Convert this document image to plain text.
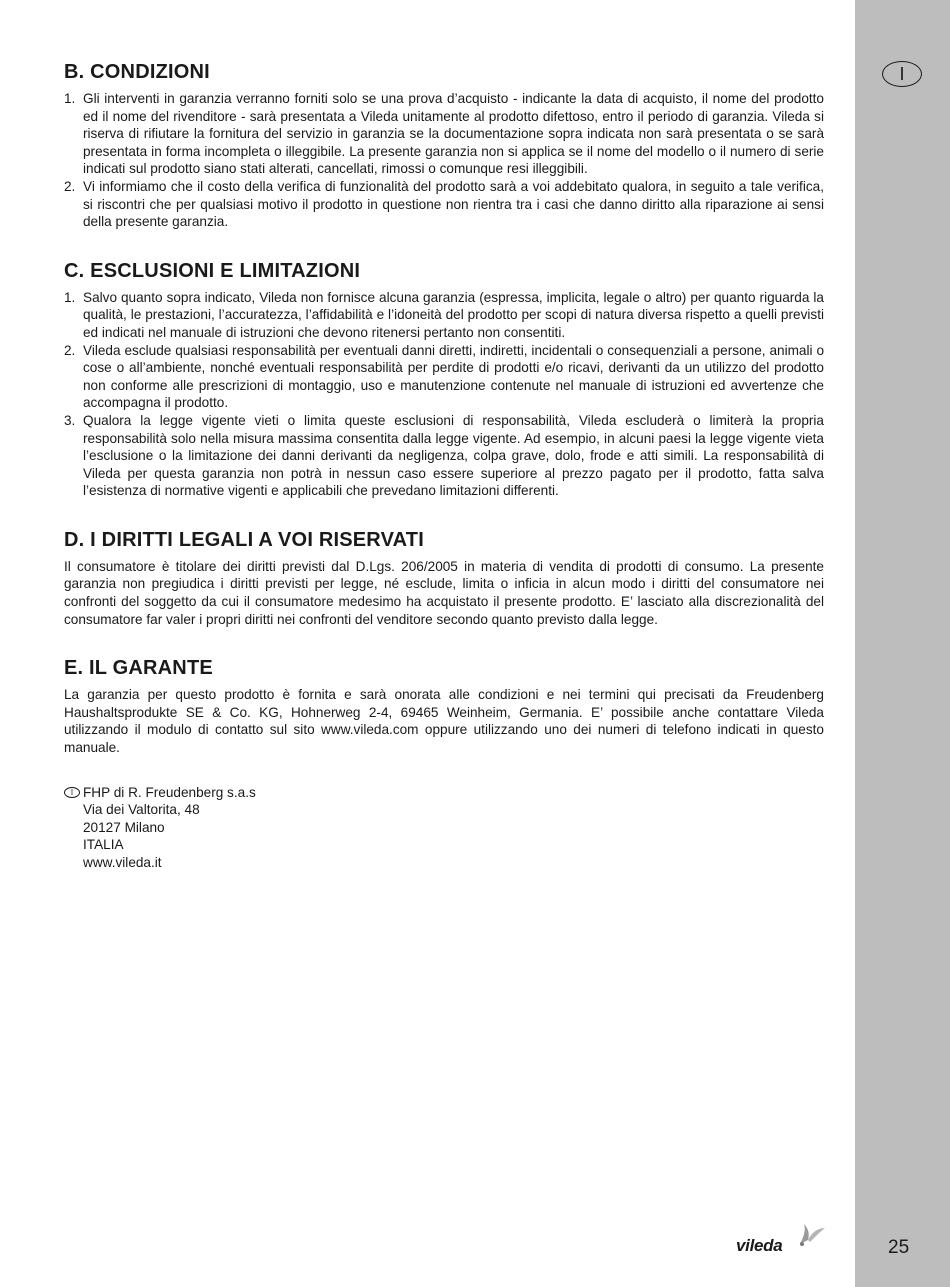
I
25
B. CONDIZIONI
1. Gli interventi in garanzia verranno forniti solo se una prova d’acquisto - indicante la data di acquisto, il nome del prodotto ed il nome del rivenditore - sarà presentata a Vileda unitamente al prodotto difettoso, entro il periodo di garanzia. Vileda si riserva di rifiutare la fornitura del servizio in garanzia se la documentazione sopra indicata non sarà presentata o se sarà presentata in forma incompleta o illeggibile. La presente garanzia non si applica se il nome del modello o il numero di serie indicati sul prodotto siano stati alterati, cancellati, rimossi o comunque resi illeggibili.
2. Vi informiamo che il costo della verifica di funzionalità del prodotto sarà a voi addebitato qualora, in seguito a tale verifica, si riscontri che per qualsiasi motivo il prodotto in questione non rientra tra i casi che danno diritto alla riparazione ai sensi della presente garanzia.
C. ESCLUSIONI E LIMITAZIONI
1. Salvo quanto sopra indicato, Vileda non fornisce alcuna garanzia (espressa, implicita, legale o altro) per quanto riguarda la qualità, le prestazioni, l’accuratezza, l’affidabilità e l’idoneità del prodotto per scopi di natura diversa rispetto a quelli previsti ed indicati nel manuale di istruzioni che devono ritenersi pertanto non consentiti.
2. Vileda esclude qualsiasi responsabilità per eventuali danni diretti, indiretti, incidentali o consequenziali a persone, animali o cose o all’ambiente, nonché eventuali responsabilità per perdite di prodotti e/o ricavi, derivanti da un utilizzo del prodotto non conforme alle prescrizioni di montaggio, uso e manutenzione contenute nel manuale di istruzioni ed avvertenze che accompagna il prodotto.
3. Qualora la legge vigente vieti o limita queste esclusioni di responsabilità, Vileda escluderà o limiterà la propria responsabilità solo nella misura massima consentita dalla legge vigente. Ad esempio, in alcuni paesi la legge vigente vieta l’esclusione o la limitazione dei danni derivanti da negligenza, colpa grave, dolo, frode e atti simili. La responsabilità di Vileda per questa garanzia non potrà in nessun caso essere superiore al prezzo pagato per il prodotto, fatta salva l’esistenza di normative vigenti e applicabili che prevedano limitazioni differenti.
D. I DIRITTI LEGALI A VOI RISERVATI

Il consumatore è titolare dei diritti previsti dal D.Lgs. 206/2005 in materia di vendita di prodotti di consumo. La presente garanzia non pregiudica i diritti previsti per legge, né esclude, limita o inficia in alcun modo i diritti del consumatore nei confronti del soggetto da cui il consumatore medesimo ha acquistato il presente prodotto. E’ lasciato alla discrezionalità del consumatore far valer i propri diritti nei confronti del venditore secondo quanto previsto dalla legge.

E. IL GARANTE

La garanzia per questo prodotto è fornita e sarà onorata alle condizioni e nei termini qui precisati da Freudenberg Haushaltsprodukte SE & Co. KG, Hohnerweg 2-4, 69465 Weinheim, Germania. E’ possibile anche contattare Vileda utilizzando il modulo di contatto sul sito www.vileda.com oppure utilizzando uno dei numeri di telefono indicati in questo manuale.

I FHP di R. Freudenberg s.a.s
Via dei Valtorita, 48
20127 Milano
ITALIA
www.vileda.it
vileda
